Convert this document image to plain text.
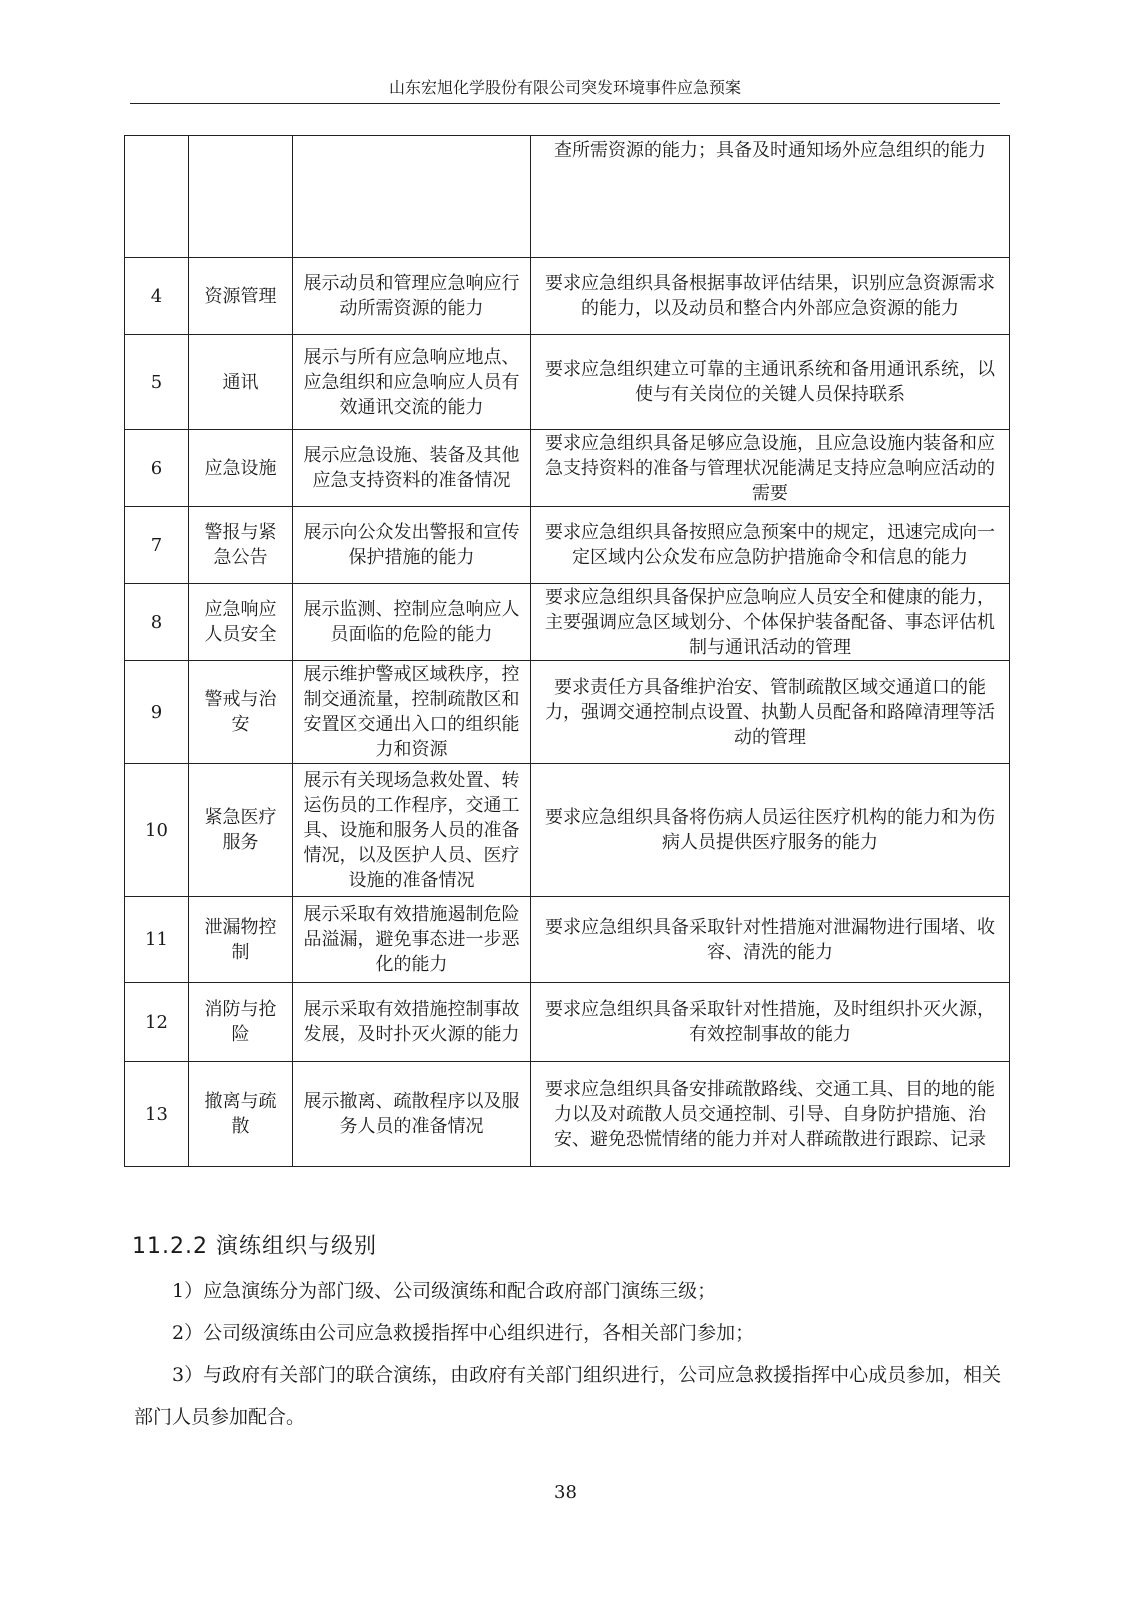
山东宏旭化学股份有限公司突发环境事件应急预案
			查所需资源的能力；具备及时通知场外应急组织的能力
4	资源管理	展示动员和管理应急响应行动所需资源的能力	要求应急组织具备根据事故评估结果，识别应急资源需求的能力，以及动员和整合内外部应急资源的能力
5	通讯	展示与所有应急响应地点、应急组织和应急响应人员有效通讯交流的能力	要求应急组织建立可靠的主通讯系统和备用通讯系统，以使与有关岗位的关键人员保持联系
6	应急设施	展示应急设施、装备及其他应急支持资料的准备情况	要求应急组织具备足够应急设施，且应急设施内装备和应急支持资料的准备与管理状况能满足支持应急响应活动的需要
7	警报与紧急公告	展示向公众发出警报和宣传保护措施的能力	要求应急组织具备按照应急预案中的规定，迅速完成向一定区域内公众发布应急防护措施命令和信息的能力
8	应急响应人员安全	展示监测、控制应急响应人员面临的危险的能力	要求应急组织具备保护应急响应人员安全和健康的能力，主要强调应急区域划分、个体保护装备配备、事态评估机制与通讯活动的管理
9	警戒与治安	展示维护警戒区域秩序，控制交通流量，控制疏散区和安置区交通出入口的组织能力和资源	要求责任方具备维护治安、管制疏散区域交通道口的能力，强调交通控制点设置、执勤人员配备和路障清理等活动的管理
10	紧急医疗服务	展示有关现场急救处置、转运伤员的工作程序，交通工具、设施和服务人员的准备情况，以及医护人员、医疗设施的准备情况	要求应急组织具备将伤病人员运往医疗机构的能力和为伤病人员提供医疗服务的能力
11	泄漏物控制	展示采取有效措施遏制危险品溢漏，避免事态进一步恶化的能力	要求应急组织具备采取针对性措施对泄漏物进行围堵、收容、清洗的能力
12	消防与抢险	展示采取有效措施控制事故发展，及时扑灭火源的能力	要求应急组织具备采取针对性措施，及时组织扑灭火源，有效控制事故的能力
13	撤离与疏散	展示撤离、疏散程序以及服务人员的准备情况	要求应急组织具备安排疏散路线、交通工具、目的地的能力以及对疏散人员交通控制、引导、自身防护措施、治安、避免恐慌情绪的能力并对人群疏散进行跟踪、记录
11.2.2 演练组织与级别
1）应急演练分为部门级、公司级演练和配合政府部门演练三级；
2）公司级演练由公司应急救援指挥中心组织进行，各相关部门参加；
3）与政府有关部门的联合演练，由政府有关部门组织进行，公司应急救援指挥中心成员参加，相关部门人员参加配合。
38
